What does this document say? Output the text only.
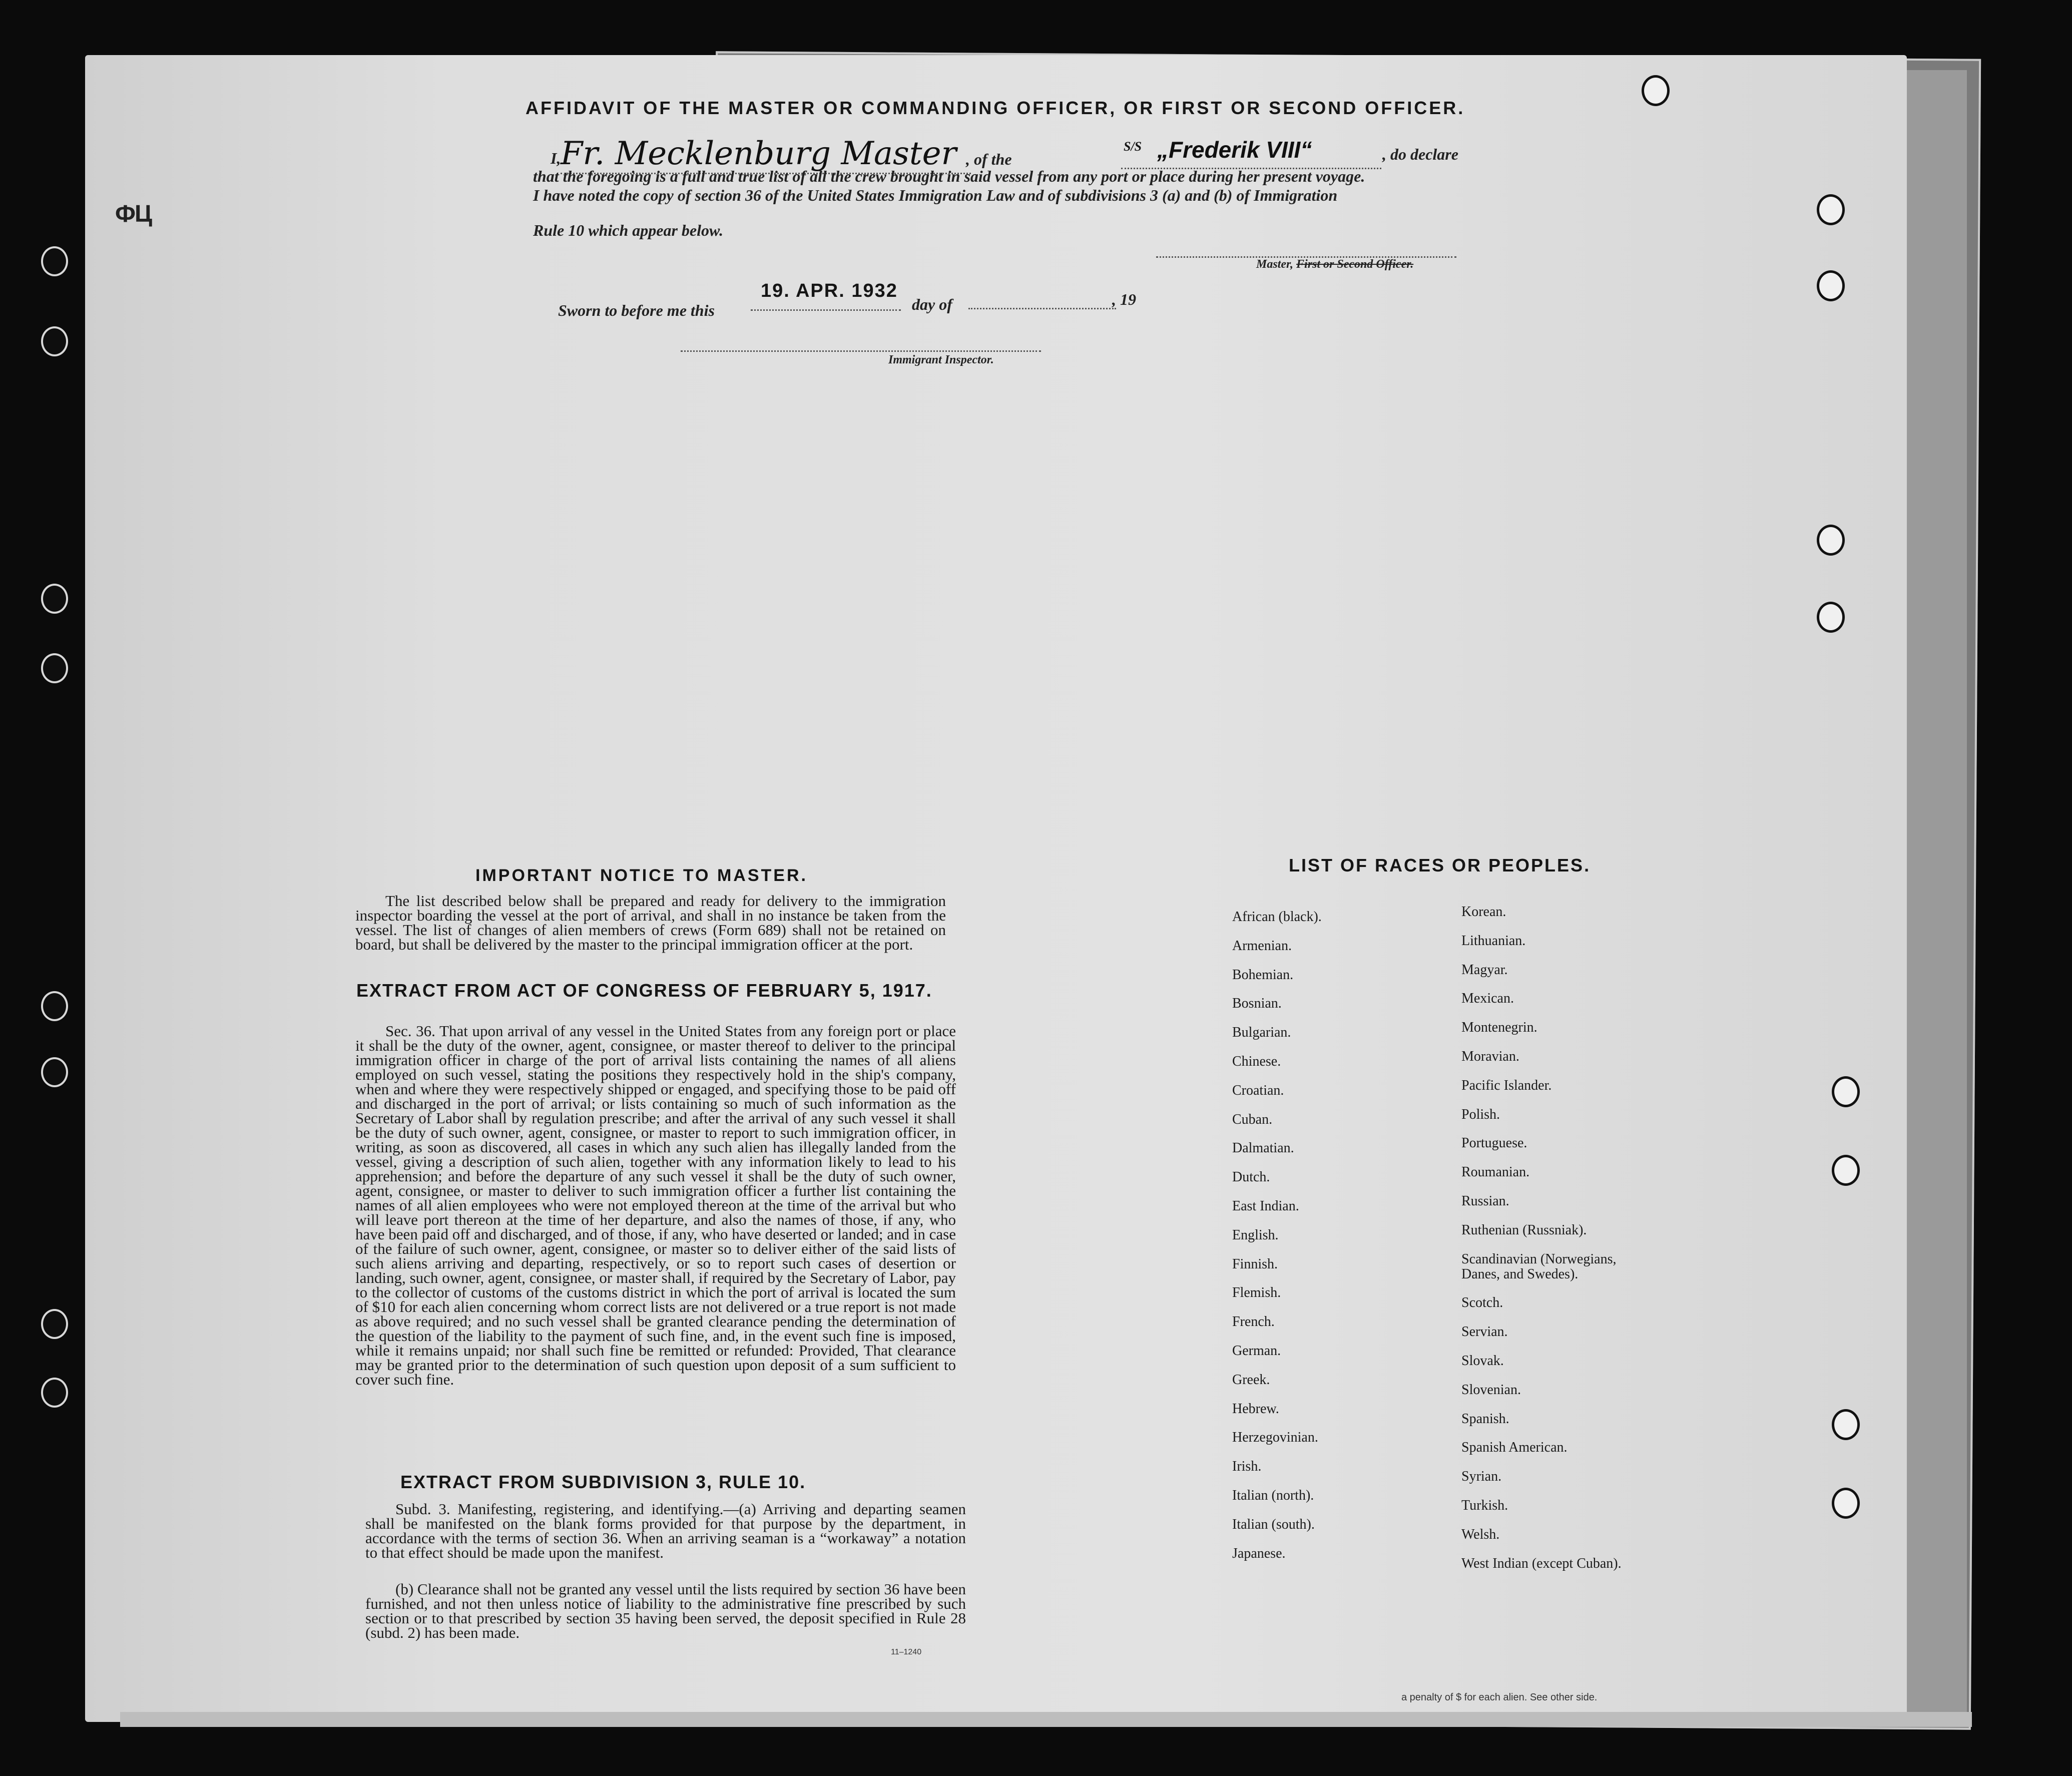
ФЦ
AFFIDAVIT OF THE MASTER OR COMMANDING OFFICER, OR FIRST OR SECOND OFFICER.
I, Fr. Mecklenburg Master , of the
S/S „Frederik VIII“	, do declare
that the foregoing is a full and true list of all the crew brought in said vessel from any port or place during her present voyage.
I have noted the copy of section 36 of the United States Immigration Law and of subdivisions 3 (a) and (b) of Immigration
Rule 10 which appear below.
Master, First or Second Officer.
Sworn to before me this
19. APR. 1932
day of	, 19
Immigrant Inspector.
IMPORTANT NOTICE TO MASTER.
The list described below shall be prepared and ready for delivery to the immigration inspector boarding the vessel at the port of arrival, and shall in no instance be taken from the vessel. The list of changes of alien members of crews (Form 689) shall not be retained on board, but shall be delivered by the master to the principal immigration officer at the port.
EXTRACT FROM ACT OF CONGRESS OF FEBRUARY 5, 1917.
Sec. 36. That upon arrival of any vessel in the United States from any foreign port or place it shall be the duty of the owner, agent, consignee, or master thereof to deliver to the principal immigration officer in charge of the port of arrival lists containing the names of all aliens employed on such vessel, stating the positions they respectively hold in the ship's company, when and where they were respectively shipped or engaged, and specifying those to be paid off and discharged in the port of arrival; or lists containing so much of such information as the Secretary of Labor shall by regulation prescribe; and after the arrival of any such vessel it shall be the duty of such owner, agent, consignee, or master to report to such immigration officer, in writing, as soon as discovered, all cases in which any such alien has illegally landed from the vessel, giving a description of such alien, together with any information likely to lead to his apprehension; and before the departure of any such vessel it shall be the duty of such owner, agent, consignee, or master to deliver to such immigration officer a further list containing the names of all alien employees who were not employed thereon at the time of the arrival but who will leave port thereon at the time of her departure, and also the names of those, if any, who have been paid off and discharged, and of those, if any, who have deserted or landed; and in case of the failure of such owner, agent, consignee, or master so to deliver either of the said lists of such aliens arriving and departing, respectively, or so to report such cases of desertion or landing, such owner, agent, consignee, or master shall, if required by the Secretary of Labor, pay to the collector of customs of the customs district in which the port of arrival is located the sum of $10 for each alien concerning whom correct lists are not delivered or a true report is not made as above required; and no such vessel shall be granted clearance pending the determination of the question of the liability to the payment of such fine, and, in the event such fine is imposed, while it remains unpaid; nor shall such fine be remitted or refunded: Provided, That clearance may be granted prior to the determination of such question upon deposit of a sum sufficient to cover such fine.
EXTRACT FROM SUBDIVISION 3, RULE 10.
Subd. 3. Manifesting, registering, and identifying.—(a) Arriving and departing seamen shall be manifested on the blank forms provided for that purpose by the department, in accordance with the terms of section 36. When an arriving seaman is a “workaway” a notation to that effect should be made upon the manifest.
(b) Clearance shall not be granted any vessel until the lists required by section 36 have been furnished, and not then unless notice of liability to the administrative fine prescribed by such section or to that prescribed by section 35 having been served, the deposit specified in Rule 28 (subd. 2) has been made.
LIST OF RACES OR PEOPLES.
African (black).
Armenian.
Bohemian.
Bosnian.
Bulgarian.
Chinese.
Croatian.
Cuban.
Dalmatian.
Dutch.
East Indian.
English.
Finnish.
Flemish.
French.
German.
Greek.
Hebrew.
Herzegovinian.
Irish.
Italian (north).
Italian (south).
Japanese.
Korean.
Lithuanian.
Magyar.
Mexican.
Montenegrin.
Moravian.
Pacific Islander.
Polish.
Portuguese.
Roumanian.
Russian.
Ruthenian (Russniak).
Scandinavian (Norwegians,
Danes, and Swedes).
Scotch.
Servian.
Slovak.
Slovenian.
Spanish.
Spanish American.
Syrian.
Turkish.
Welsh.
West Indian (except Cuban).
11–1240
a penalty of $ for each alien. See other side.
